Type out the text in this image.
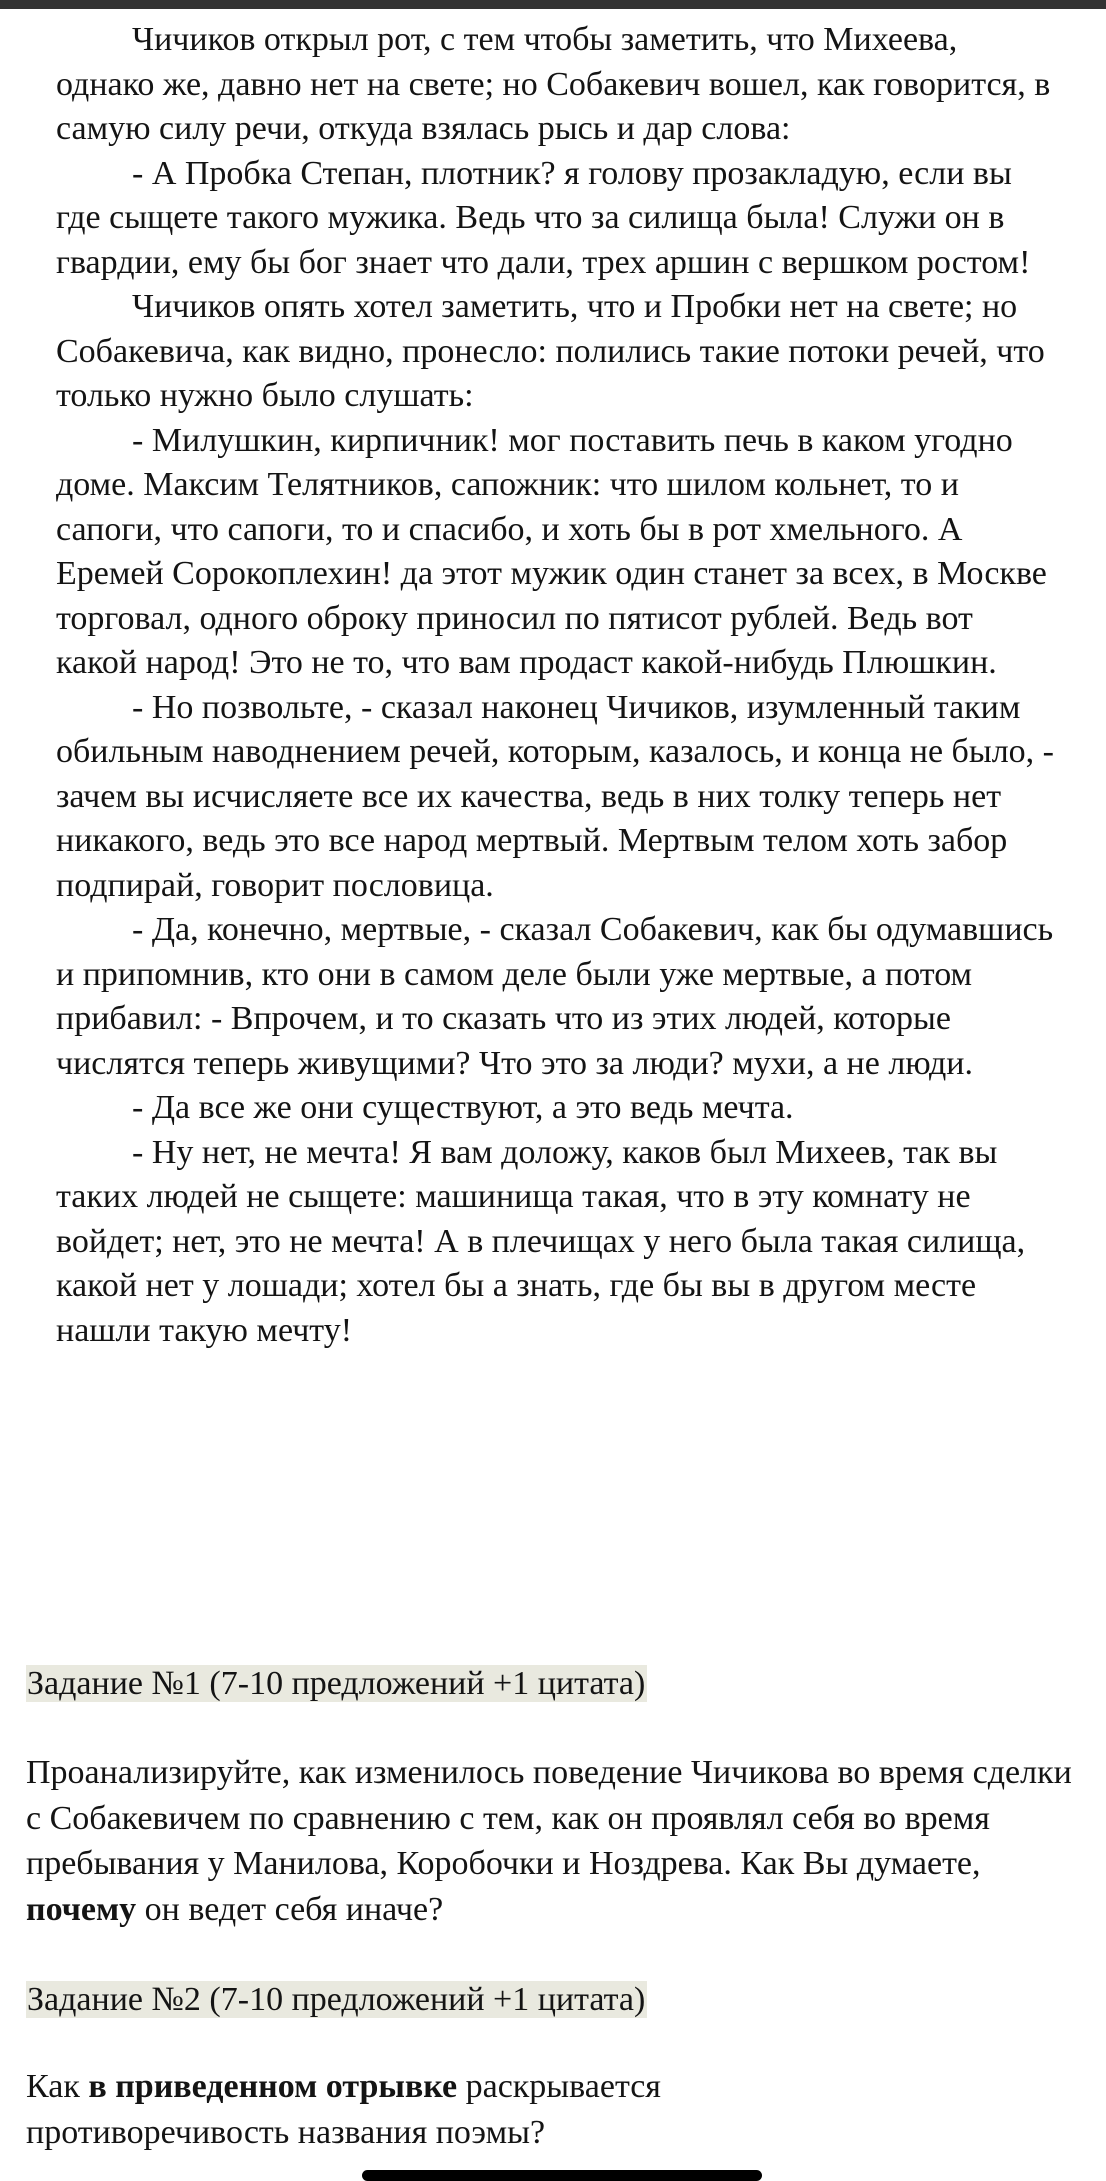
Чичиков открыл рот, с тем чтобы заметить, что Михеева, однако же, давно нет на свете; но Собакевич вошел, как говорится, в самую силу речи, откуда взялась рысь и дар слова:

- А Пробка Степан, плотник? я голову прозакладую, если вы где сыщете такого мужика. Ведь что за силища была! Служи он в гвардии, ему бы бог знает что дали, трех аршин с вершком ростом!

Чичиков опять хотел заметить, что и Пробки нет на свете; но Собакевича, как видно, пронесло: полились такие потоки речей, что только нужно было слушать:

- Милушкин, кирпичник! мог поставить печь в каком угодно доме. Максим Телятников, сапожник: что шилом кольнет, то и сапоги, что сапоги, то и спасибо, и хоть бы в рот хмельного. А Еремей Сорокоплехин! да этот мужик один станет за всех, в Москве торговал, одного оброку приносил по пятисот рублей. Ведь вот какой народ! Это не то, что вам продаст какой-нибудь Плюшкин.

- Но позвольте, - сказал наконец Чичиков, изумленный таким обильным наводнением речей, которым, казалось, и конца не было, - зачем вы исчисляете все их качества, ведь в них толку теперь нет никакого, ведь это все народ мертвый. Мертвым телом хоть забор подпирай, говорит пословица.

- Да, конечно, мертвые, - сказал Собакевич, как бы одумавшись и припомнив, кто они в самом деле были уже мертвые, а потом прибавил: - Впрочем, и то сказать что из этих людей, которые числятся теперь живущими? Что это за люди? мухи, а не люди.

- Да все же они существуют, а это ведь мечта.

- Ну нет, не мечта! Я вам доложу, каков был Михеев, так вы таких людей не сыщете: машинища такая, что в эту комнату не войдет; нет, это не мечта! А в плечищах у него была такая силища, какой нет у лошади; хотел бы а знать, где бы вы в другом месте нашли такую мечту!

Задание №1 (7-10 предложений +1 цитата)

Проанализируйте, как изменилось поведение Чичикова во время сделки с Собакевичем по сравнению с тем, как он проявлял себя во время пребывания у Манилова, Коробочки и Ноздрева. Как Вы думаете, почему он ведет себя иначе?

Задание №2 (7-10 предложений +1 цитата)

Как в приведенном отрывке раскрывается противоречивость названия поэмы?
